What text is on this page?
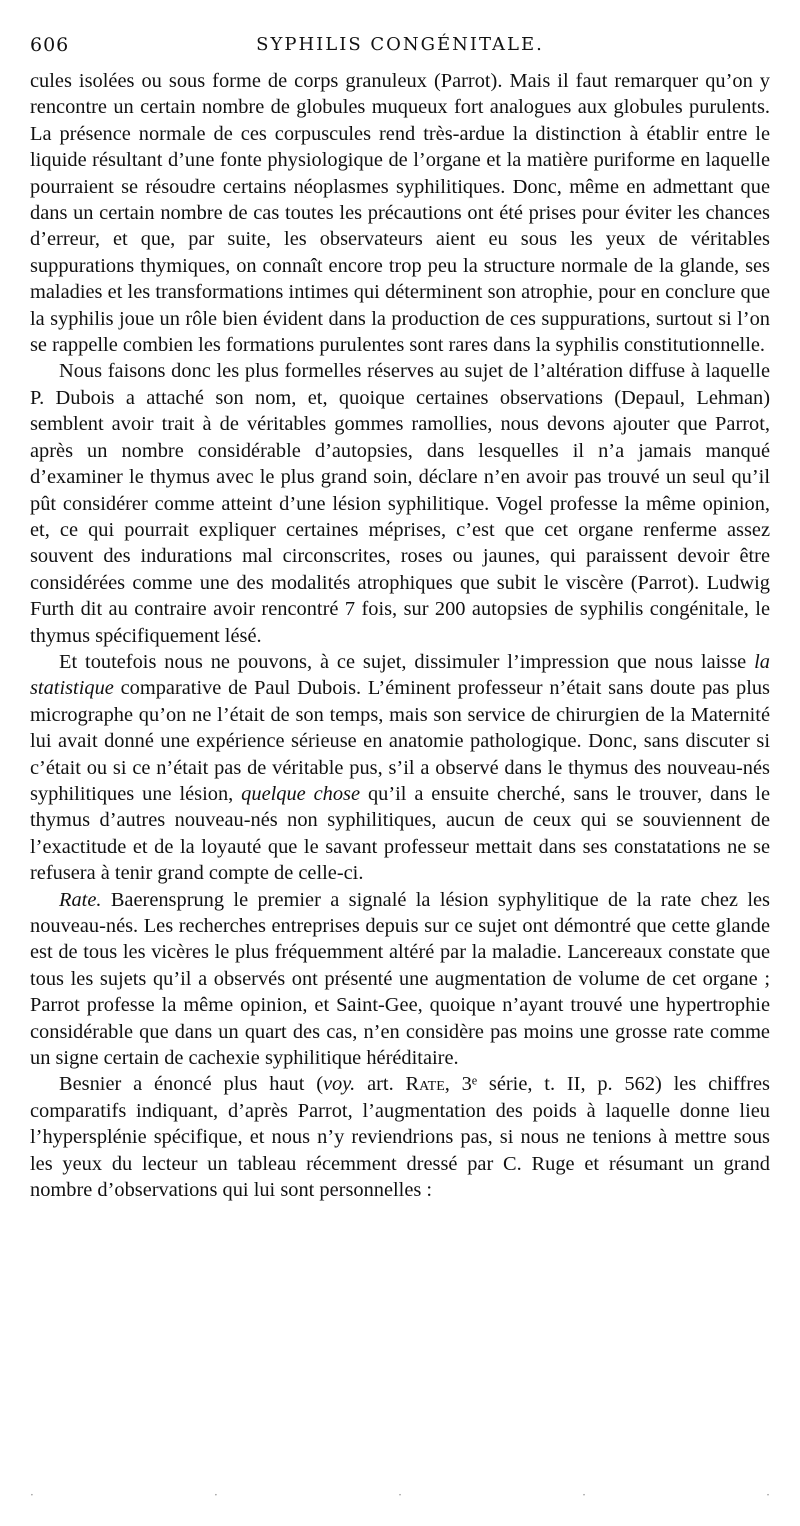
606	SYPHILIS CONGÉNITALE.

cules isolées ou sous forme de corps granuleux (Parrot). Mais il faut remarquer qu’on y rencontre un certain nombre de globules muqueux fort analogues aux globules purulents. La présence normale de ces corpuscules rend très-ardue la distinction à établir entre le liquide résultant d’une fonte physiologique de l’organe et la matière puriforme en laquelle pourraient se résoudre certains néoplasmes syphilitiques. Donc, même en admettant que dans un certain nombre de cas toutes les précautions ont été prises pour éviter les chances d’erreur, et que, par suite, les observateurs aient eu sous les yeux de véritables suppurations thymiques, on connaît encore trop peu la structure normale de la glande, ses maladies et les transformations intimes qui déterminent son atrophie, pour en conclure que la syphilis joue un rôle bien évident dans la production de ces suppurations, surtout si l’on se rappelle combien les formations purulentes sont rares dans la syphilis constitutionnelle.

Nous faisons donc les plus formelles réserves au sujet de l’altération diffuse à laquelle P. Dubois a attaché son nom, et, quoique certaines observations (Depaul, Lehman) semblent avoir trait à de véritables gommes ramollies, nous devons ajouter que Parrot, après un nombre considérable d’autopsies, dans lesquelles il n’a jamais manqué d’examiner le thymus avec le plus grand soin, déclare n’en avoir pas trouvé un seul qu’il pût considérer comme atteint d’une lésion syphilitique. Vogel professe la même opinion, et, ce qui pourrait expliquer certaines méprises, c’est que cet organe renferme assez souvent des indurations mal circonscrites, roses ou jaunes, qui paraissent devoir être considérées comme une des modalités atrophiques que subit le viscère (Parrot). Ludwig Furth dit au contraire avoir rencontré 7 fois, sur 200 autopsies de syphilis congénitale, le thymus spécifiquement lésé.

Et toutefois nous ne pouvons, à ce sujet, dissimuler l’impression que nous laisse la statistique comparative de Paul Dubois. L’éminent professeur n’était sans doute pas plus micrographe qu’on ne l’était de son temps, mais son service de chirurgien de la Maternité lui avait donné une expérience sérieuse en anatomie pathologique. Donc, sans discuter si c’était ou si ce n’était pas de véritable pus, s’il a observé dans le thymus des nouveau-nés syphilitiques une lésion, quelque chose qu’il a ensuite cherché, sans le trouver, dans le thymus d’autres nouveau-nés non syphilitiques, aucun de ceux qui se souviennent de l’exactitude et de la loyauté que le savant professeur mettait dans ses constatations ne se refusera à tenir grand compte de celle-ci.

Rate. Baerensprung le premier a signalé la lésion syphylitique de la rate chez les nouveau-nés. Les recherches entreprises depuis sur ce sujet ont démontré que cette glande est de tous les vicères le plus fréquemment altéré par la maladie. Lancereaux constate que tous les sujets qu’il a observés ont présenté une augmentation de volume de cet organe ; Parrot professe la même opinion, et Saint-Gee, quoique n’ayant trouvé une hypertrophie considérable que dans un quart des cas, n’en considère pas moins une grosse rate comme un signe certain de cachexie syphilitique héréditaire.

Besnier a énoncé plus haut (voy. art. Rate, 3ᵉ série, t. II, p. 562) les chiffres comparatifs indiquant, d’après Parrot, l’augmentation des poids à laquelle donne lieu l’hypersplénie spécifique, et nous n’y reviendrions pas, si nous ne tenions à mettre sous les yeux du lecteur un tableau récemment dressé par C. Ruge et résumant un grand nombre d’observations qui lui sont personnelles :

·	·	·	·	·
